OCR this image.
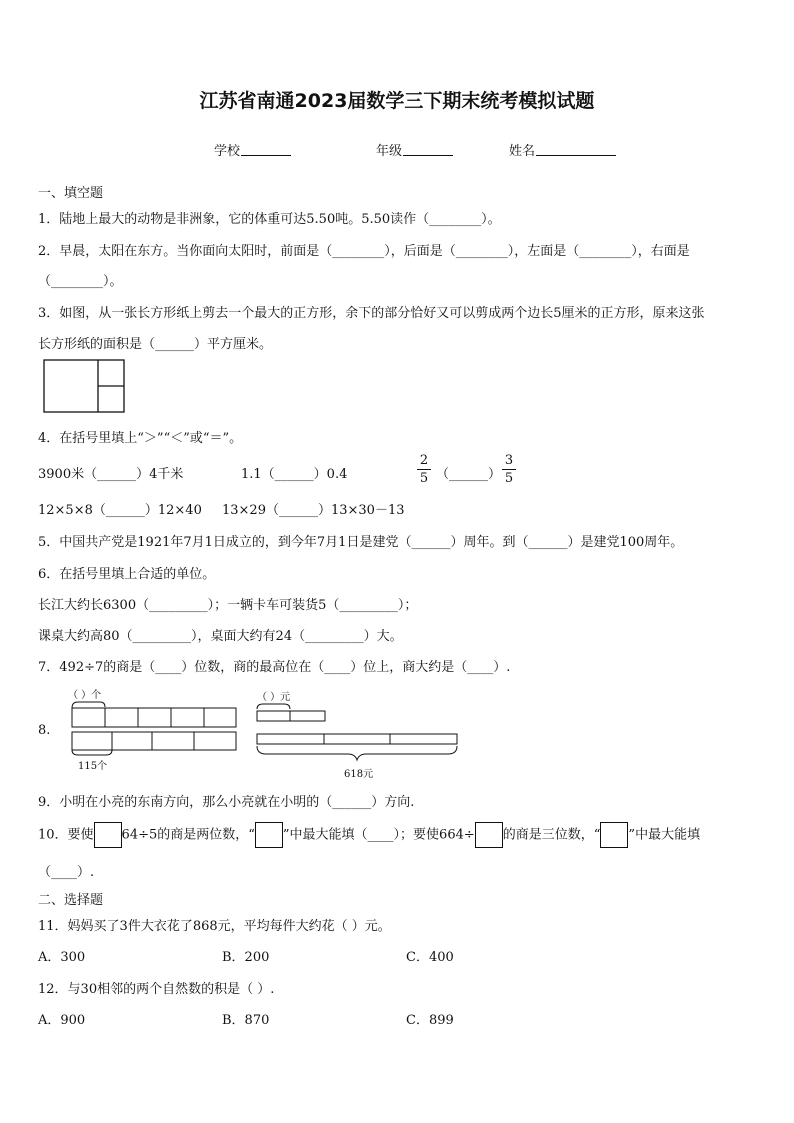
江苏省南通2023届数学三下期末统考模拟试题
学校	年级	姓名
一、填空题
1．陆地上最大的动物是非洲象，它的体重可达5.50吨。5.50读作（________）。
2．早晨，太阳在东方。当你面向太阳时，前面是（________），后面是（________），左面是（________），右面是
（________）。
3．如图，从一张长方形纸上剪去一个最大的正方形，余下的部分恰好又可以剪成两个边长5厘米的正方形，原来这张
长方形纸的面积是（______）平方厘米。
4．在括号里填上“＞”“＜”或“＝”。
3900米（______）4千米	1.1（______）0.4	$\frac{2}{5}$ （______） $\frac{3}{5}$
12×5×8（______）12×40 13×29（______）13×30－13
5．中国共产党是1921年7月1日成立的，到今年7月1日是建党（______）周年。到（______）是建党100周年。
6．在括号里填上合适的单位。
长江大约长6300（_________）；一辆卡车可装货5（_________）；
课桌大约高80（_________），桌面大约有24（_________）大。
7．492÷7的商是（____）位数，商的最高位在（____）位上，商大约是（____）.
8.
（ ）个
115个
（ ）元
618元
9．小明在小亮的东南方向，那么小亮就在小明的（______）方向.
10．要使 64÷5的商是两位数，“ ”中最大能填（____）；要使664÷ 的商是三位数，“ ”中最大能填
（____）.
二、选择题
11．妈妈买了3件大衣花了868元，平均每件大约花（ ）元。
A．300	B．200	C．400
12．与30相邻的两个自然数的积是（ ）.
A．900	B．870	C．899
